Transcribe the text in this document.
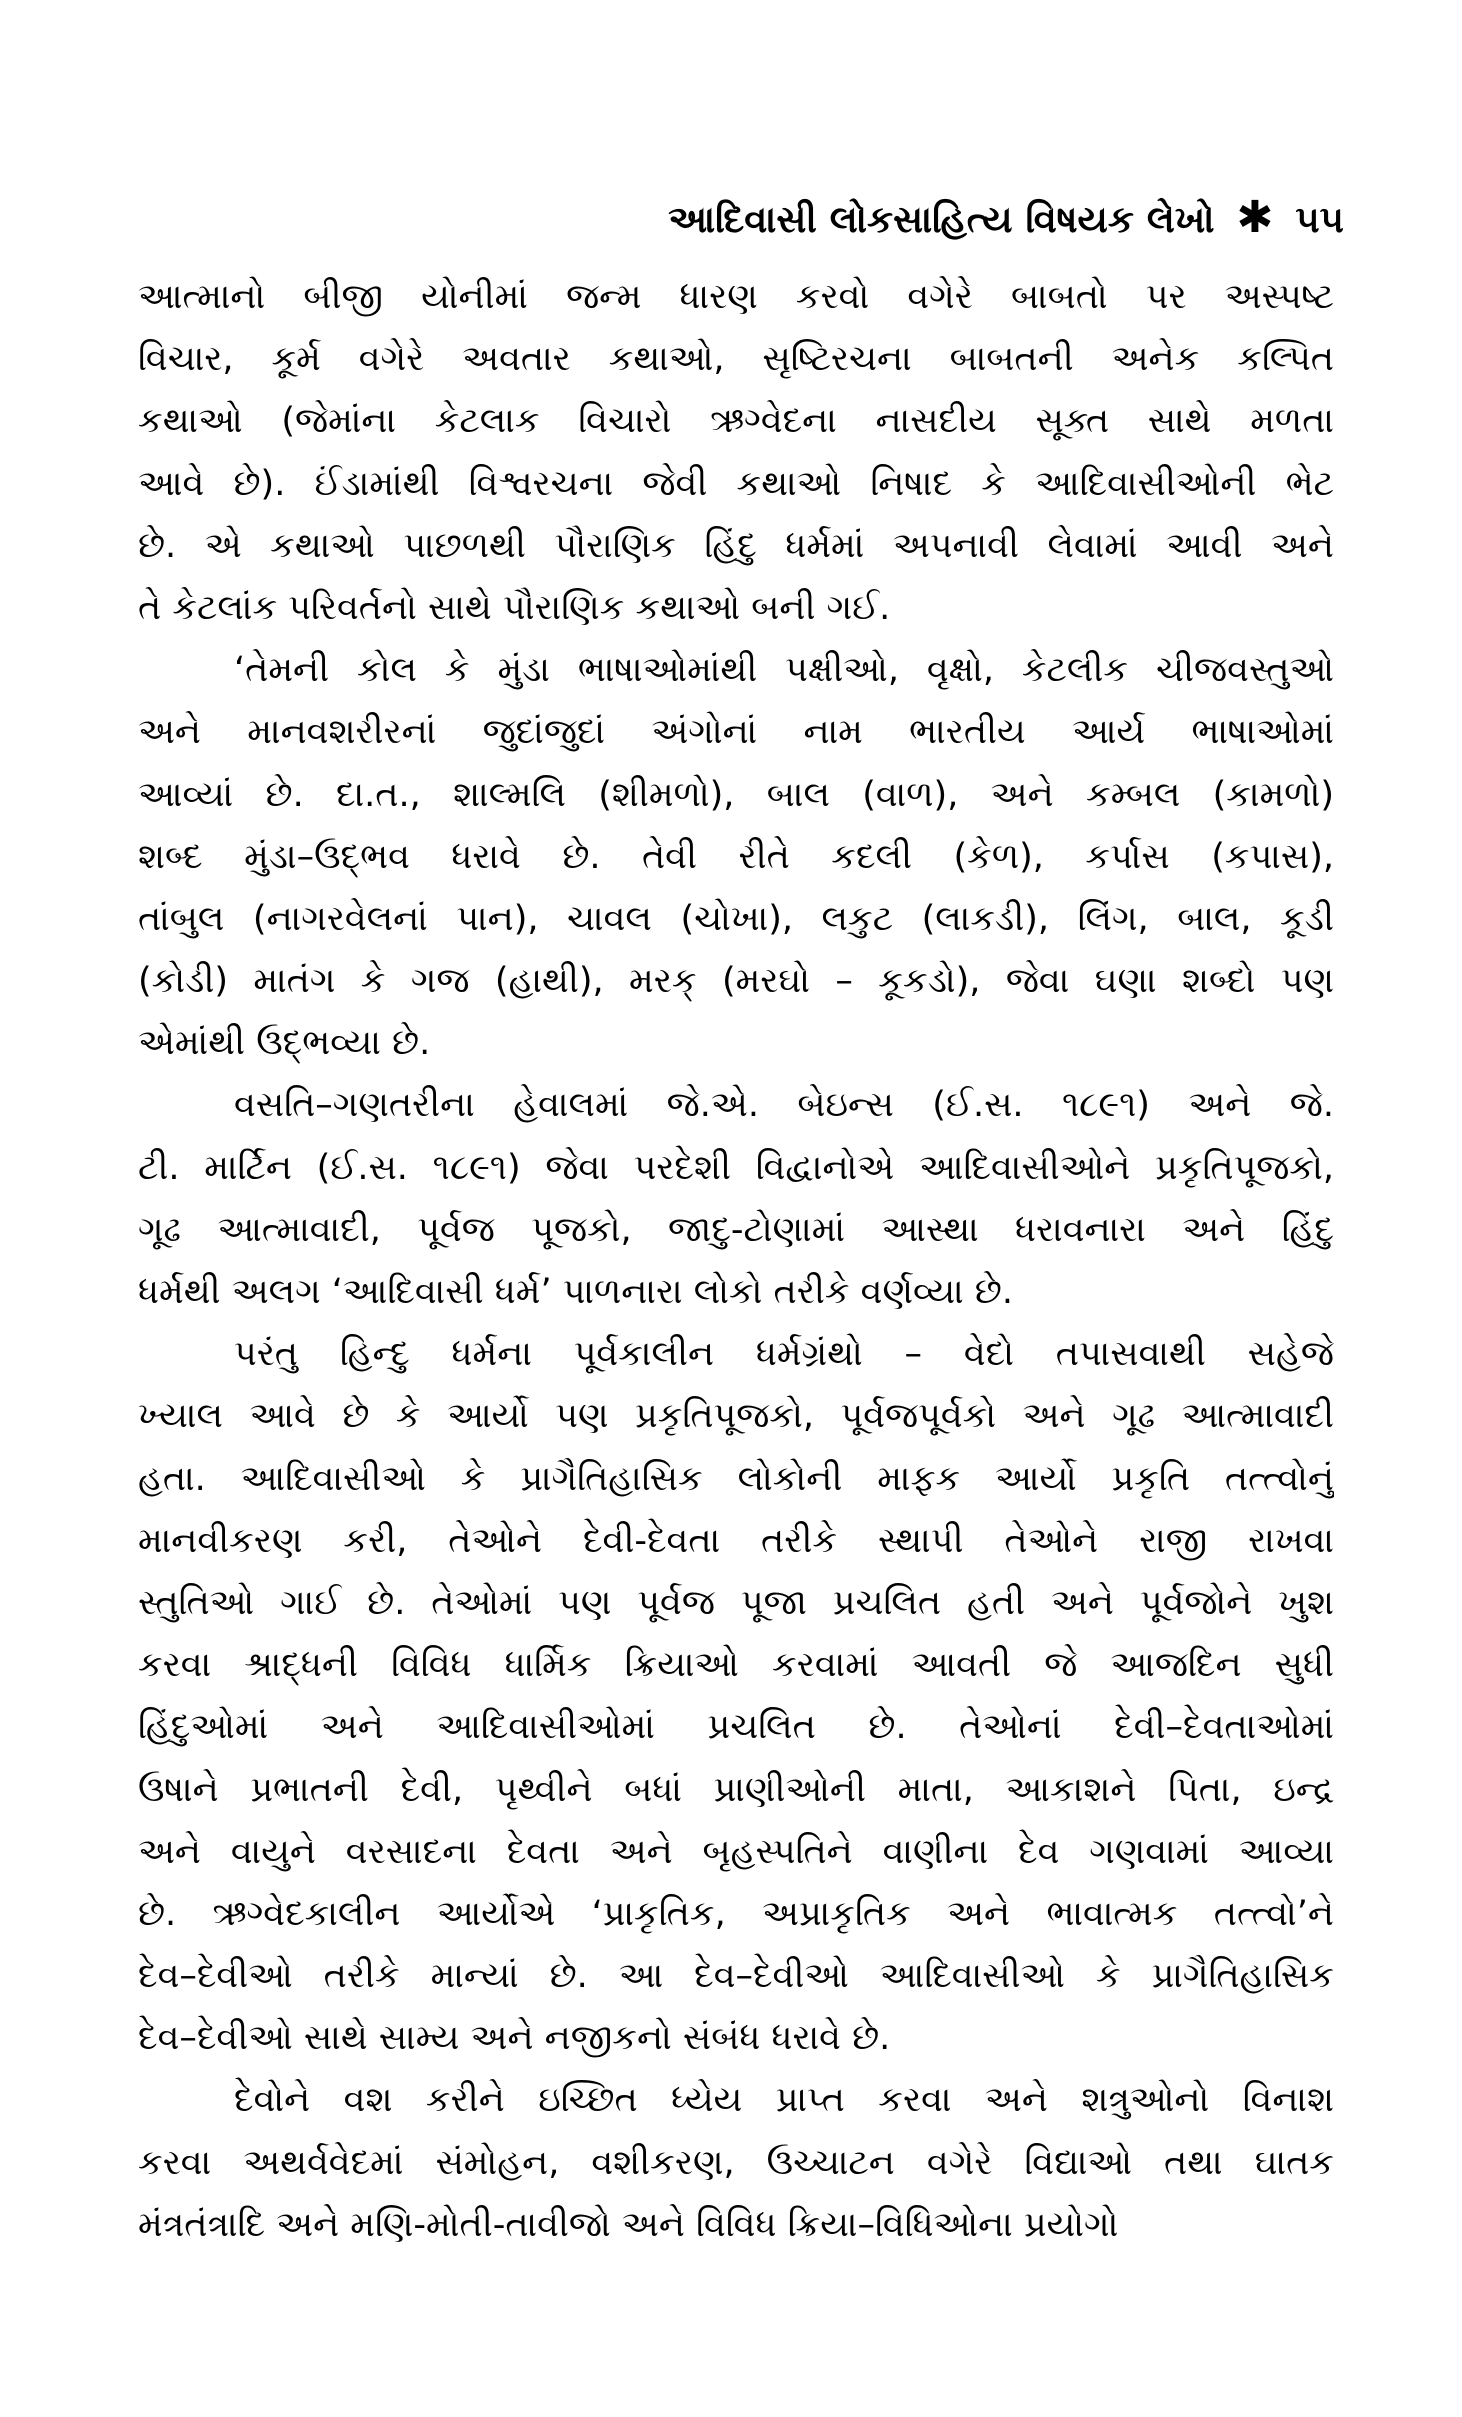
આદિવાસી લોકસાહિત્ય વિષયક લેખો ✱ ૫૫
આત્માનો બીજી યોનીમાં જન્મ ધારણ કરવો વગેરે બાબતો પર અસ્પષ્ટ
વિચાર, કૂર્મ વગેરે અવતાર કથાઓ, સૃષ્ટિરચના બાબતની અનેક કલ્પિત
કથાઓ (જેમાંના કેટલાક વિચારો ઋગ્વેદના નાસદીય સૂક્ત સાથે મળતા
આવે છે). ઈંડામાંથી વિશ્વરચના જેવી કથાઓ નિષાદ કે આદિવાસીઓની ભેટ
છે. એ કથાઓ પાછળથી પૌરાણિક હિંદુ ધર્મમાં અપનાવી લેવામાં આવી અને
તે કેટલાંક પરિવર્તનો સાથે પૌરાણિક કથાઓ બની ગઈ.
‘તેમની કોલ કે મુંડા ભાષાઓમાંથી પક્ષીઓ, વૃક્ષો, કેટલીક ચીજવસ્તુઓ
અને માનવશરીરનાં જુદાંજુદાં અંગોનાં નામ ભારતીય આર્ય ભાષાઓમાં
આવ્યાં છે. દા.ત., શાલ્મલિ (શીમળો), બાલ (વાળ), અને કમ્બલ (કામળો)
શબ્દ મુંડા–ઉદ્ભવ ધરાવે છે. તેવી રીતે કદલી (કેળ), કર્પાસ (કપાસ),
તાંબુલ (નાગરવેલનાં પાન), ચાવલ (ચોખા), લકુટ (લાકડી), લિંગ, બાલ, કૂડી
(કોડી) માતંગ કે ગજ (હાથી), મરક્ (મરઘો – કૂકડો), જેવા ઘણા શબ્દો પણ
એમાંથી ઉદ્ભવ્યા છે.
વસતિ–ગણતરીના હેવાલમાં જે.એ. બેઇન્સ (ઈ.સ. ૧૮૯૧) અને જે.
ટી. માર્ટિન (ઈ.સ. ૧૮૯૧) જેવા પરદેશી વિદ્વાનોએ આદિવાસીઓને પ્રકૃતિપૂજકો,
ગૂઢ આત્માવાદી, પૂર્વજ પૂજકો, જાદુ-ટોણામાં આસ્થા ધરાવનારા અને હિંદુ
ધર્મથી અલગ ‘આદિવાસી ધર્મ’ પાળનારા લોકો તરીકે વર્ણવ્યા છે.
પરંતુ હિન્દુ ધર્મના પૂર્વકાલીન ધર્મગ્રંથો – વેદો તપાસવાથી સહેજે
ખ્યાલ આવે છે કે આર્યો પણ પ્રકૃતિપૂજકો, પૂર્વજપૂર્વકો અને ગૂઢ આત્માવાદી
હતા. આદિવાસીઓ કે પ્રાગૈતિહાસિક લોકોની માફક આર્યો પ્રકૃતિ તત્ત્વોનું
માનવીકરણ કરી, તેઓને દેવી-દેવતા તરીકે સ્થાપી તેઓને રાજી રાખવા
સ્તુતિઓ ગાઈ છે. તેઓમાં પણ પૂર્વજ પૂજા પ્રચલિત હતી અને પૂર્વજોને ખુશ
કરવા શ્રાદ્ધની વિવિધ ધાર્મિક ક્રિયાઓ કરવામાં આવતી જે આજદિન સુધી
હિંદુઓમાં અને આદિવાસીઓમાં પ્રચલિત છે. તેઓનાં દેવી–દેવતાઓમાં
ઉષાને પ્રભાતની દેવી, પૃથ્વીને બધાં પ્રાણીઓની માતા, આકાશને પિતા, ઇન્દ્ર
અને વાયુને વરસાદના દેવતા અને બૃહસ્પતિને વાણીના દેવ ગણવામાં આવ્યા
છે. ઋગ્વેદકાલીન આર્યોએ ‘પ્રાકૃતિક, અપ્રાકૃતિક અને ભાવાત્મક તત્ત્વો’ને
દેવ–દેવીઓ તરીકે માન્યાં છે. આ દેવ–દેવીઓ આદિવાસીઓ કે પ્રાગૈતિહાસિક
દેવ–દેવીઓ સાથે સામ્ય અને નજીકનો સંબંધ ધરાવે છે.
દેવોને વશ કરીને ઇચ્છિત ધ્યેય પ્રાપ્ત કરવા અને શત્રુઓનો વિનાશ
કરવા અથર્વવેદમાં સંમોહન, વશીકરણ, ઉચ્ચાટન વગેરે વિદ્યાઓ તથા ઘાતક
મંત્રતંત્રાદિ અને મણિ-મોતી-તાવીજો અને વિવિધ ક્રિયા–વિધિઓના પ્રયોગો
